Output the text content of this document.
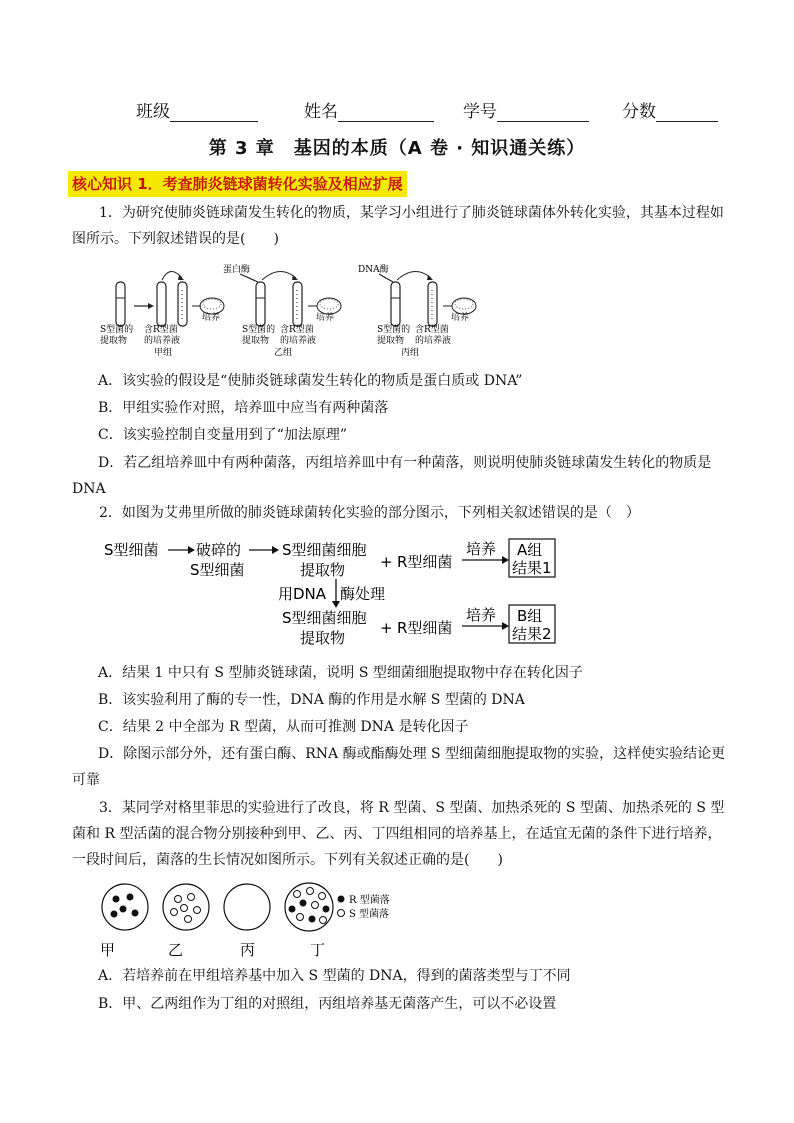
班级	姓名	学号	分数
第 3 章　基因的本质（A 卷 · 知识通关练）
核心知识 1．考查肺炎链球菌转化实验及相应扩展
1．为研究使肺炎链球菌发生转化的物质，某学习小组进行了肺炎链球菌体外转化实验，其基本过程如图所示。下列叙述错误的是(　　)
培养
S型菌的
提取物
含R型菌
的培养液
甲组
蛋白酶
培养
S型菌的
提取物
含R型菌
的培养液
乙组
DNA酶
培养
S型菌的
提取物
含R型菌
的培养液
丙组
A．该实验的假设是“使肺炎链球菌发生转化的物质是蛋白质或 DNA”
B．甲组实验作对照，培养皿中应当有两种菌落
C．该实验控制自变量用到了“加法原理”
D．若乙组培养皿中有两种菌落，丙组培养皿中有一种菌落，则说明使肺炎链球菌发生转化的物质是DNA
2．如图为艾弗里所做的肺炎链球菌转化实验的部分图示，下列相关叙述错误的是（　）
S型细菌 破碎的
S型细菌
S型细菌细胞
提取物 + R型细菌
培养 A组
结果1
用DNA 酶处理
S型细菌细胞
提取物
+ R型细菌
培养 B组
结果2
A．结果 1 中只有 S 型肺炎链球菌，说明 S 型细菌细胞提取物中存在转化因子
B．该实验利用了酶的专一性，DNA 酶的作用是水解 S 型菌的 DNA
C．结果 2 中全部为 R 型菌，从而可推测 DNA 是转化因子
D．除图示部分外，还有蛋白酶、RNA 酶或酯酶处理 S 型细菌细胞提取物的实验，这样使实验结论更可靠
3．某同学对格里菲思的实验进行了改良，将 R 型菌、S 型菌、加热杀死的 S 型菌、加热杀死的 S 型菌和 R 型活菌的混合物分别接种到甲、乙、丙、丁四组相同的培养基上，在适宜无菌的条件下进行培养，一段时间后，菌落的生长情况如图所示。下列有关叙述正确的是(　　)
R 型菌落
S 型菌落
甲	乙	丙	丁
A．若培养前在甲组培养基中加入 S 型菌的 DNA，得到的菌落类型与丁不同
B．甲、乙两组作为丁组的对照组，丙组培养基无菌落产生，可以不必设置
